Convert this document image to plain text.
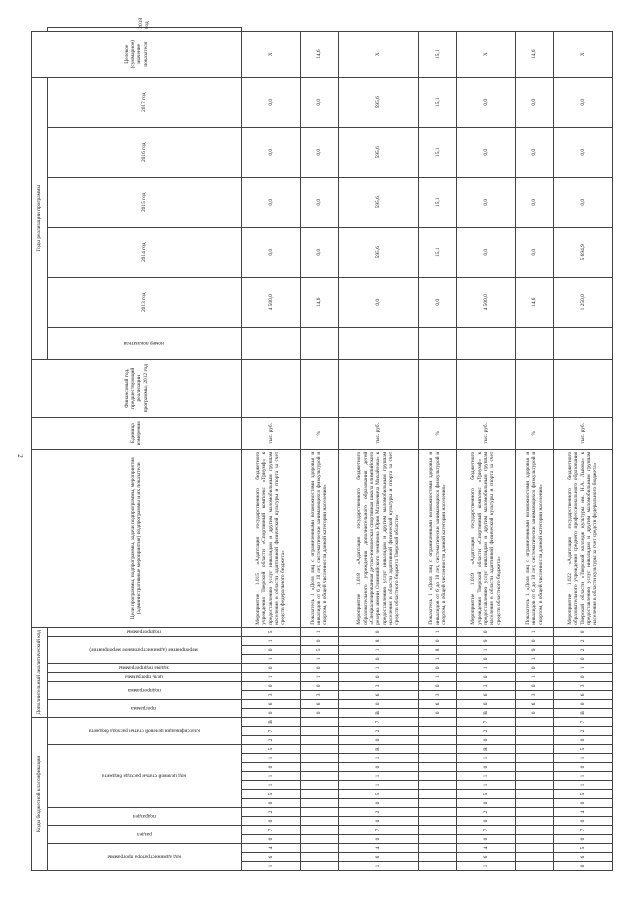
2
Коды бюджетной классификации																	Дополнительный аналитический код										Цели программы, подпрограммы, задачи подпрограммы, мероприятия (административные мероприятия) подпрограммы и их показатели	Единица измерения	Финансовый год, предшествующий реализации программы, 2012 год	Годы реализации программы						Целевое (суммарное) значение показателя	
код администратора программы			раздел		подраздел		код целевой статьи расхода бюджета							классификация целевой статьи расхода бюджета			программа		подпрограмма		цель программы	задача подпрограммы	мероприятие (административное мероприятие)			подпрограммы				номер показателя	2013 год	2014 год	2015 год	2016 год	2017 год		2018 год

1	6	4	0	7	0	2	0	5	1	1	0	1	5	2	7	В	0	6	3	0	1	0	1	0	1	5	Мероприятие 1.015 «Адаптация государственного бюджетного учреждения Тверской области «Спортивный комплекс «Триумф» к предоставлению услуг инвалидам и другим маломобильным группам населения в области адаптивной физической культуры и спорта за счет средств федерального бюджета»	тыс. руб.			4 500,0	0,0	0,0	0,0	0,0	X	
																	0	6	3	0	1	0	1	5	0	1	Показатель 1 «Доля лиц с ограниченными возможностями здоровья и инвалидов от 6 до 18 лет, систематически занимающихся физкультурой и спортом, в общей численности данной категории населения»	%			14,6	0,0	0,0	0,0	0,0	14,6	
1	6	4	0	7	0	2	0	5	1	1	0	1	R	0	2	7	В	0	6	3	0	1	0	1	8	0	Мероприятие 1.018 «Адаптация государственного бюджетного образовательного учреждения дополнительного образования детей «Специализированная детско-юношеская спортивная школа олимпийского резерва имени Олимпийского чемпиона Юрия Матвеевича Михайлова» к предоставлению услуг инвалидам и другим маломобильным группам населения в области адаптивной физической культуры и спорта за счет средств областного бюджета Тверской области»	тыс. руб.			0,0	595,6	595,6	595,6	595,6	X	
																	0	6	3	0	1	0	1	8	0	1	Показатель 1 «Доля лиц с ограниченными возможностями здоровья и инвалидов от 6 до 18 лет, систематически занимающихся физкультурой и спортом, в общей численности данной категории населения»	%			0,0	15,1	15,1	15,1	15,1	15,1	
1	6	4	0	7	0	2	0	5	1	1	0	1	R	0	2	7	В	0	6	3	0	1	0	1	9	0	Мероприятие 1.019 «Адаптация государственного бюджетного учреждения Тверской области «Спортивный комплекс «Триумф» к предоставлению услуг инвалидам и другим маломобильным группам населения в области адаптивной физической культуры и спорта за счет средств областного бюджета»	тыс. руб.			4 500,0	0,0	0,0	0,0	0,0	X	
																	0	6	3	0	1	0	1	9	0	1	Показатель 1 «Доля лиц с ограниченными возможностями здоровья и инвалидов от 6 до 18 лет, систематически занимающихся физкультурой и спортом, в общей численности данной категории населения»	%			14,6	0,0	0,0	0,0	0,0	14,6	
0	6	5	0	7	0	4	0	5	1	1	0	1	5	0	2	7	В	0	6	3	0	1	0	2	2	0	Мероприятие 1.022 «Адаптация государственного бюджетного образовательного учреждения среднего профессионального образования Тверской области «Тверской колледж культуры им. Н.А. Львова» к предоставлению услуг инвалидам и другим маломобильным группам населения в области культуры за счет средств федерального бюджета»	тыс. руб.			1 250,0	5 694,9	0,0	0,0	0,0	X	
